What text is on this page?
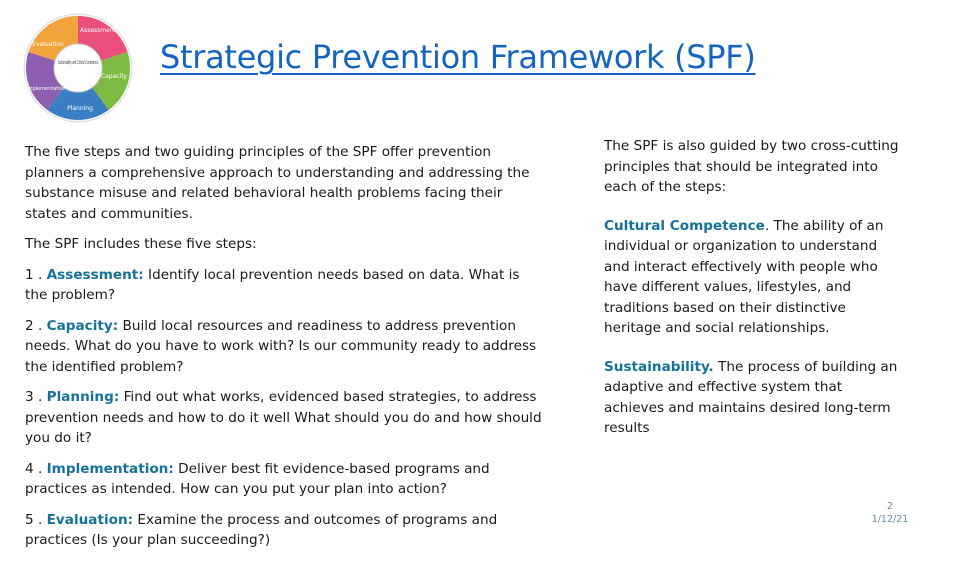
Sustainability and Cultural Competence
Assessment
Capacity
Planning
Implementation
Evaluation	Strategic Prevention Framework (SPF)

The five steps and two guiding principles of the SPF offer prevention planners a comprehensive approach to understanding and addressing the substance misuse and related behavioral health problems facing their states and communities.

The SPF includes these five steps:

1 . Assessment: Identify local prevention needs based on data. What is the problem?

2 . Capacity: Build local resources and readiness to address prevention needs. What do you have to work with? Is our community ready to address the identified problem?

3 . Planning: Find out what works, evidenced based strategies, to address prevention needs and how to do it well What should you do and how should you do it?

4 . Implementation: Deliver best fit evidence-based programs and practices as intended. How can you put your plan into action?

5 . Evaluation: Examine the process and outcomes of programs and practices (Is your plan succeeding?)

The SPF is also guided by two cross-cutting principles that should be integrated into each of the steps:

Cultural Competence. The ability of an individual or organization to understand and interact effectively with people who have different values, lifestyles, and traditions based on their distinctive heritage and social relationships.

Sustainability. The process of building an adaptive and effective system that achieves and maintains desired long-term results

2
1/12/21
